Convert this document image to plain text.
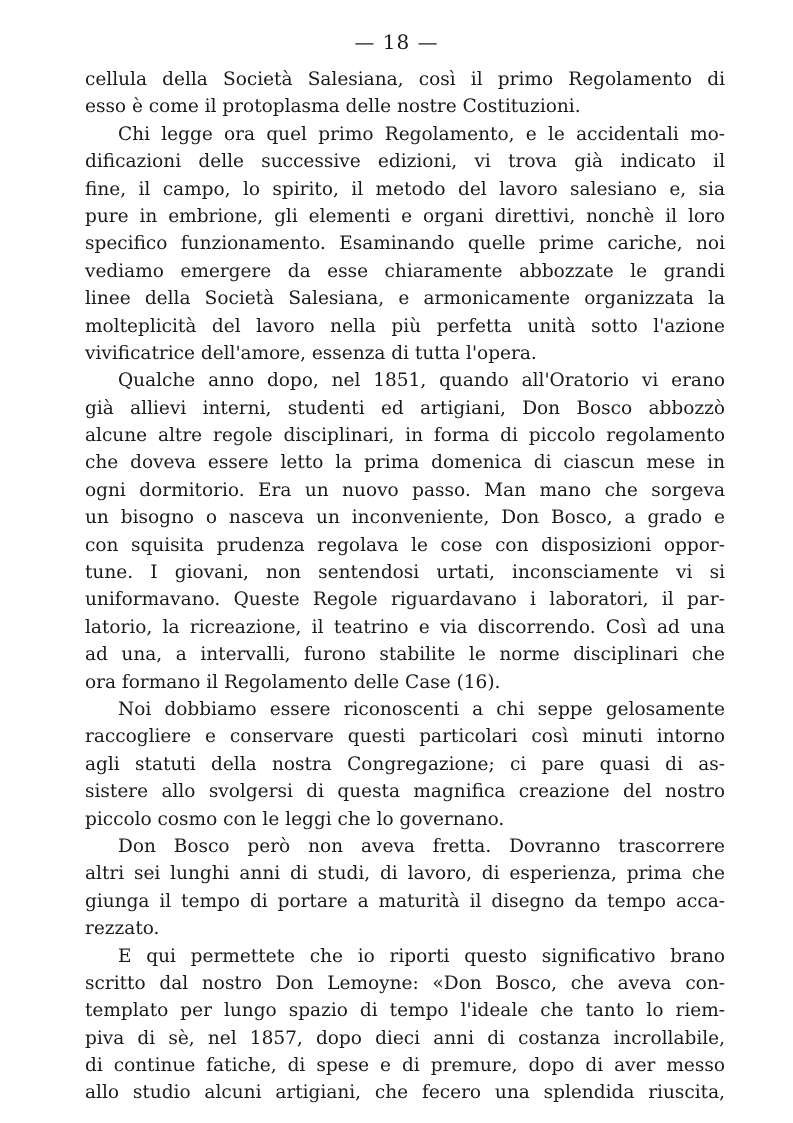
— 18 —
cellula della Società Salesiana, così il primo Regolamento di
esso è come il protoplasma delle nostre Costituzioni.
Chi legge ora quel primo Regolamento, e le accidentali mo-
dificazioni delle successive edizioni, vi trova già indicato il
fine, il campo, lo spirito, il metodo del lavoro salesiano e, sia
pure in embrione, gli elementi e organi direttivi, nonchè il loro
specifico funzionamento. Esaminando quelle prime cariche, noi
vediamo emergere da esse chiaramente abbozzate le grandi
linee della Società Salesiana, e armonicamente organizzata la
molteplicità del lavoro nella più perfetta unità sotto l'azione
vivificatrice dell'amore, essenza di tutta l'opera.
Qualche anno dopo, nel 1851, quando all'Oratorio vi erano
già allievi interni, studenti ed artigiani, Don Bosco abbozzò
alcune altre regole disciplinari, in forma di piccolo regolamento
che doveva essere letto la prima domenica di ciascun mese in
ogni dormitorio. Era un nuovo passo. Man mano che sorgeva
un bisogno o nasceva un inconveniente, Don Bosco, a grado e
con squisita prudenza regolava le cose con disposizioni oppor-
tune. I giovani, non sentendosi urtati, inconsciamente vi si
uniformavano. Queste Regole riguardavano i laboratori, il par-
latorio, la ricreazione, il teatrino e via discorrendo. Così ad una
ad una, a intervalli, furono stabilite le norme disciplinari che
ora formano il Regolamento delle Case (16).
Noi dobbiamo essere riconoscenti a chi seppe gelosamente
raccogliere e conservare questi particolari così minuti intorno
agli statuti della nostra Congregazione; ci pare quasi di as-
sistere allo svolgersi di questa magnifica creazione del nostro
piccolo cosmo con le leggi che lo governano.
Don Bosco però non aveva fretta. Dovranno trascorrere
altri sei lunghi anni di studi, di lavoro, di esperienza, prima che
giunga il tempo di portare a maturità il disegno da tempo acca-
rezzato.
E qui permettete che io riporti questo significativo brano
scritto dal nostro Don Lemoyne: «Don Bosco, che aveva con-
templato per lungo spazio di tempo l'ideale che tanto lo riem-
piva di sè, nel 1857, dopo dieci anni di costanza incrollabile,
di continue fatiche, di spese e di premure, dopo di aver messo
allo studio alcuni artigiani, che fecero una splendida riuscita,
